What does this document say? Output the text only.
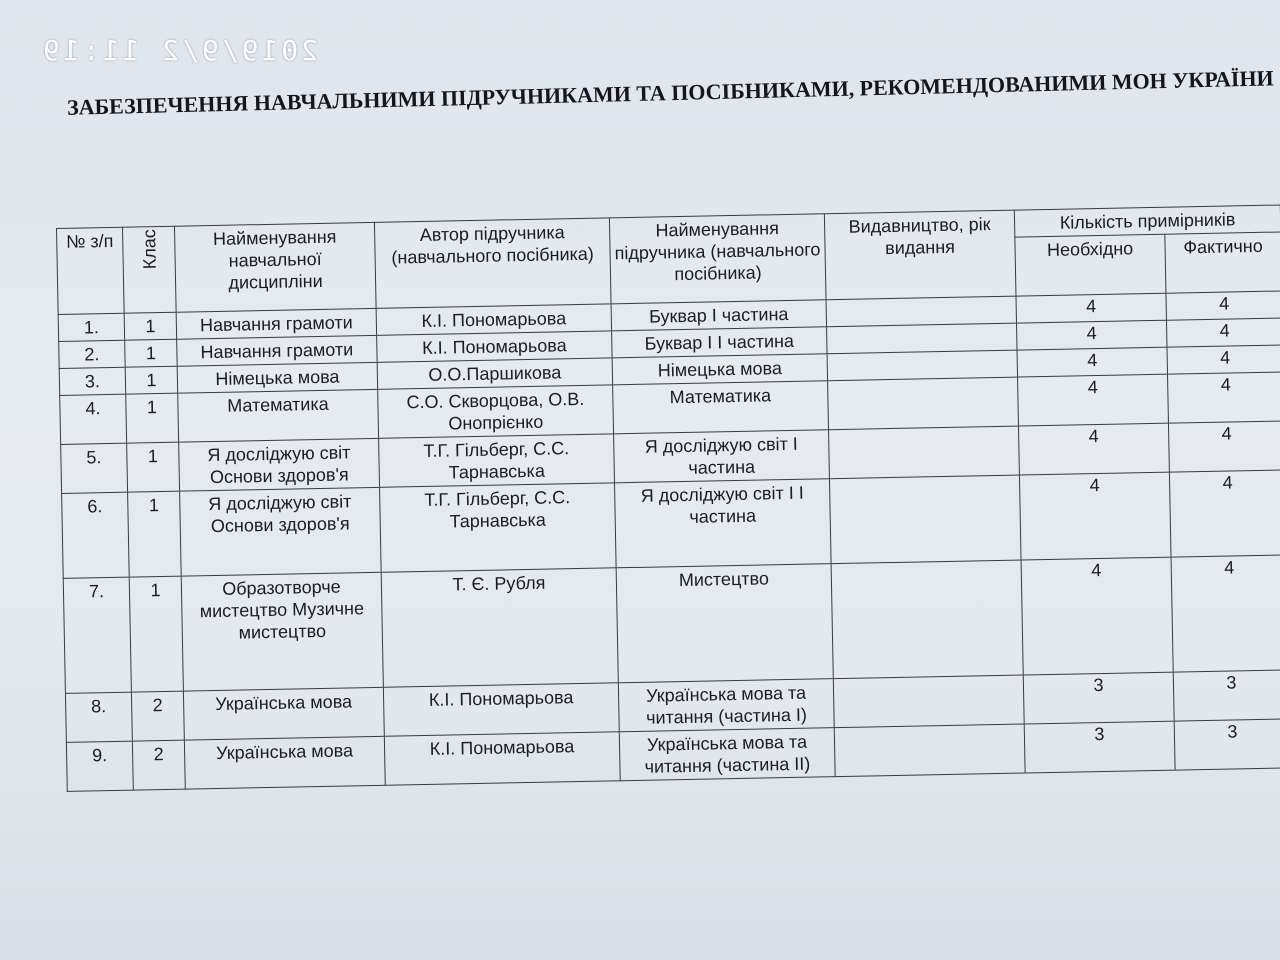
2019/9/2 11:19
ЗАБЕЗПЕЧЕННЯ НАВЧАЛЬНИМИ ПІДРУЧНИКАМИ ТА ПОСІБНИКАМИ, РЕКОМЕНДОВАНИМИ МОН УКРАЇНИ
№ з/п	Клас	Найменування навчальної дисципліни	Автор підручника (навчального посібника)	Найменування підручника (навчального посібника)	Видавництво, рік видання	Кількість примірників	
						Необхідно	Фактично
1.	1	Навчання грамоти	К.І. Пономарьова	Буквар І частина		4	4
2.	1	Навчання грамоти	К.І. Пономарьова	Буквар І І частина		4	4
3.	1	Німецька мова	О.О.Паршикова	Німецька мова		4	4
4.	1	Математика	С.О. Скворцова, О.В. Онопрієнко	Математика		4	4
5.	1	Я досліджую світ Основи здоров'я	Т.Г. Гільберг, С.С. Тарнавська	Я досліджую світ І частина		4	4
6.	1	Я досліджую світ Основи здоров'я	Т.Г. Гільберг, С.С. Тарнавська	Я досліджую світ І І частина		4	4
7.	1	Образотворче мистецтво Музичне мистецтво	Т. Є. Рубля	Мистецтво		4	4
8.	2	Українська мова	К.І. Пономарьова	Українська мова та читання (частина І)		3	3
9.	2	Українська мова	К.І. Пономарьова	Українська мова та читання (частина ІІ)		3	3
